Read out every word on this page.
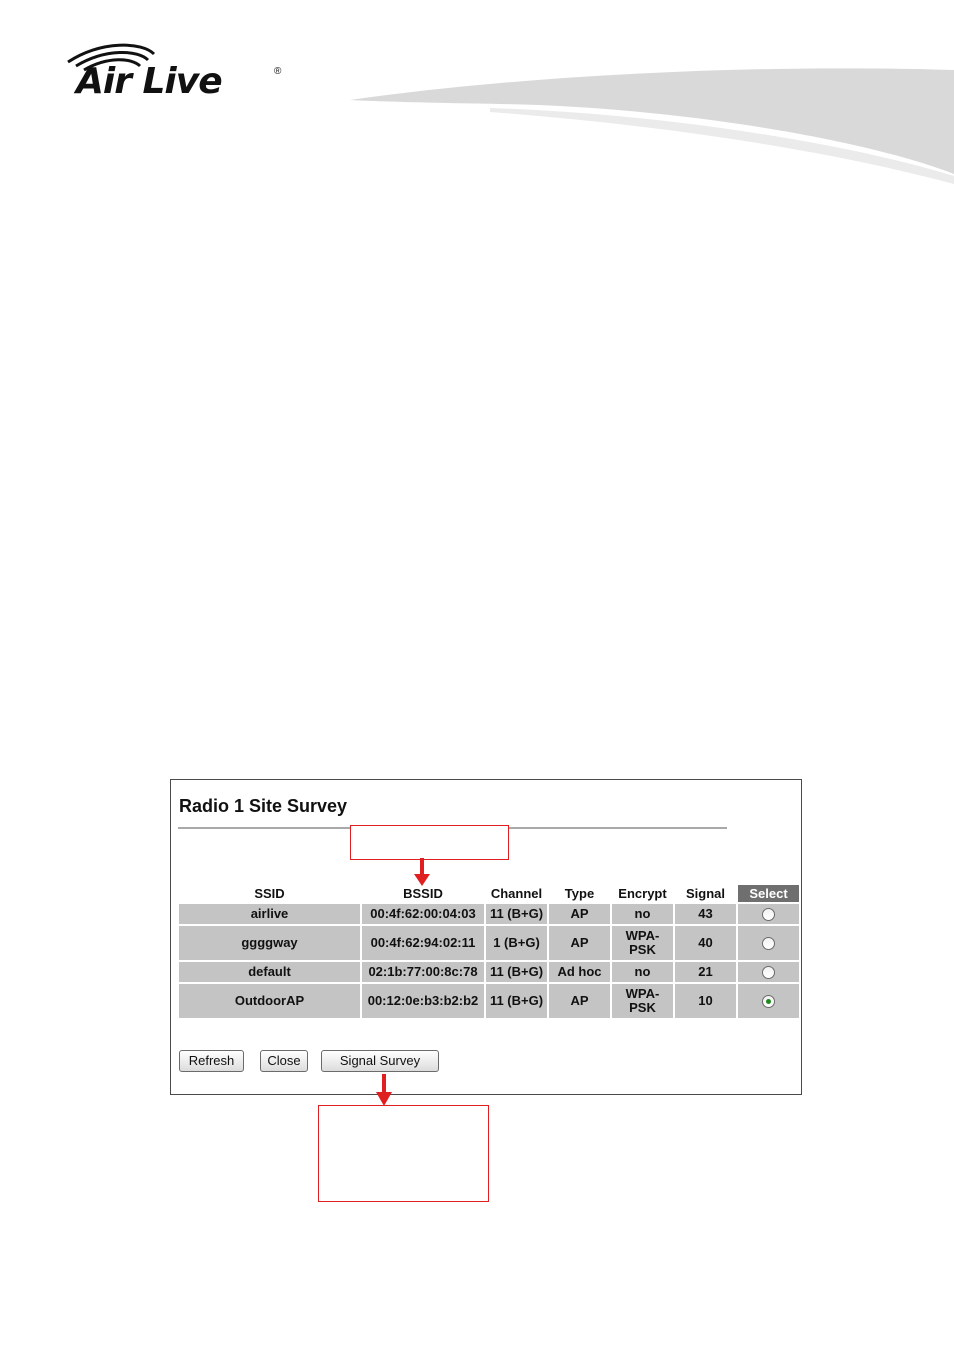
Air Live	®
Radio 1 Site Survey
SSID	BSSID	Channel	Type	Encrypt	Signal	Select
airlive	00:4f:62:00:04:03	11 (B+G)	AP	no	43	
ggggway	00:4f:62:94:02:11	1 (B+G)	AP	WPA-PSK	40	
default	02:1b:77:00:8c:78	11 (B+G)	Ad hoc	no	21	
OutdoorAP	00:12:0e:b3:b2:b2	11 (B+G)	AP	WPA-PSK	10	
Refresh	Close	Signal Survey
